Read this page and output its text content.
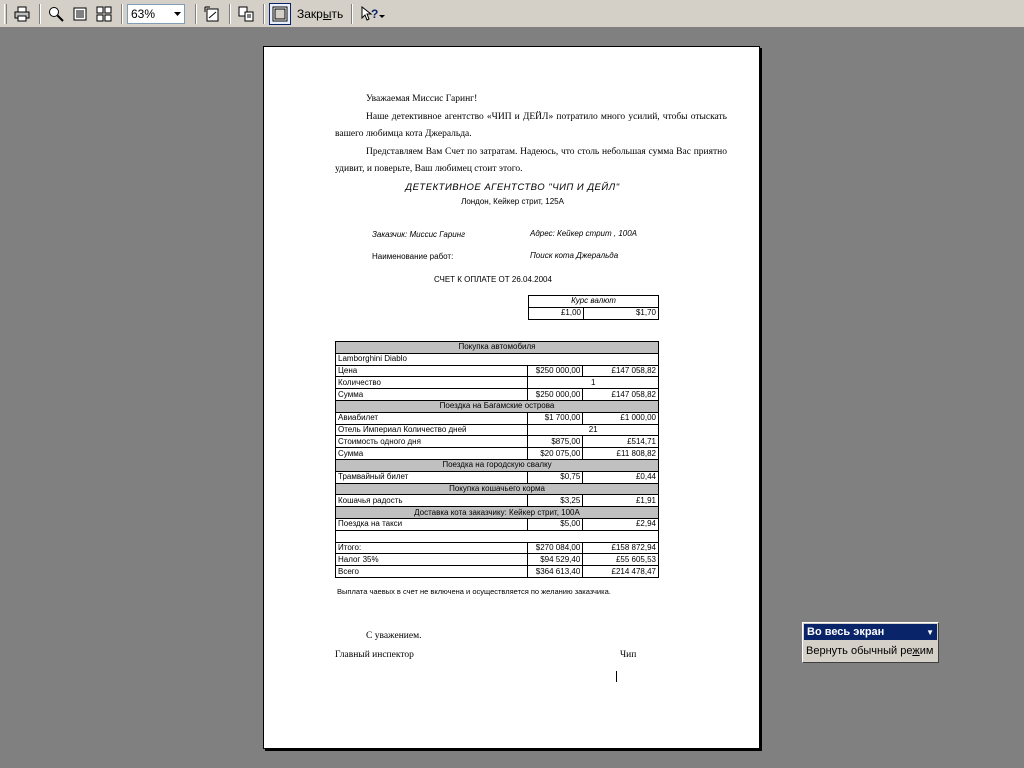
63%	Закр ы ть ?
Уважаемая Миссис Гаринг!
Наше детективное агентство «ЧИП и ДЕЙЛ» потратило много усилий, чтобы отыскать вашего любимца кота Джеральда.
Представляем Вам Счет по затратам. Надеюсь, что столь небольшая сумма Вас приятно удивит, и поверьте, Ваш любимец стоит этого.
ДЕТЕКТИВНОЕ АГЕНТСТВО "ЧИП И ДЕЙЛ"
Лондон, Кейкер стрит, 125А
Заказчик: Миссис Гаринг	Адрес: Кейкер стрит , 100А
Наименование работ:	Поиск кота Джеральда
СЧЕТ К ОПЛАТЕ ОТ 26.04.2004
Курс валют
£1,00	$1,70
Покупка автомобиля		
Lamborghini Diablo		
Цена	$250 000,00	£147 058,82
Количество	1	
Сумма	$250 000,00	£147 058,82
Поездка на Багамские острова		
Авиабилет	$1 700,00	£1 000,00
Отель Империал Количество дней	21	
Стоимость одного дня	$875,00	£514,71
Сумма	$20 075,00	£11 808,82
Поездка на городскую свалку		
Трамвайный билет	$0,75	£0,44
Покупка кошачьего корма		
Кошачья радость	$3,25	£1,91
Доставка кота заказчику: Кейкер стрит, 100А		
Поездка на такси	$5,00	£2,94

Итого:	$270 084,00	£158 872,94
Налог 35%	$94 529,40	£55 605,53
Всего	$364 613,40	£214 478,47
Выплата чаевых в счет не включена и осуществляется по желанию заказчика.
С уважением.
Главный инспектор	Чип
Во весь экран	▼
Вернуть обычный режим
